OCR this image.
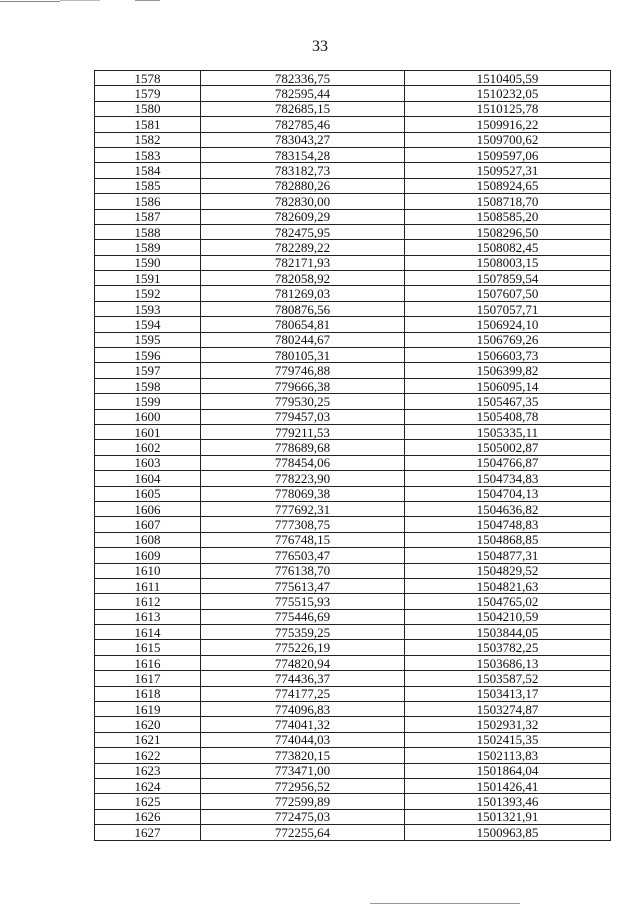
33
1578	782336,75	1510405,59
1579	782595,44	1510232,05
1580	782685,15	1510125,78
1581	782785,46	1509916,22
1582	783043,27	1509700,62
1583	783154,28	1509597,06
1584	783182,73	1509527,31
1585	782880,26	1508924,65
1586	782830,00	1508718,70
1587	782609,29	1508585,20
1588	782475,95	1508296,50
1589	782289,22	1508082,45
1590	782171,93	1508003,15
1591	782058,92	1507859,54
1592	781269,03	1507607,50
1593	780876,56	1507057,71
1594	780654,81	1506924,10
1595	780244,67	1506769,26
1596	780105,31	1506603,73
1597	779746,88	1506399,82
1598	779666,38	1506095,14
1599	779530,25	1505467,35
1600	779457,03	1505408,78
1601	779211,53	1505335,11
1602	778689,68	1505002,87
1603	778454,06	1504766,87
1604	778223,90	1504734,83
1605	778069,38	1504704,13
1606	777692,31	1504636,82
1607	777308,75	1504748,83
1608	776748,15	1504868,85
1609	776503,47	1504877,31
1610	776138,70	1504829,52
1611	775613,47	1504821,63
1612	775515,93	1504765,02
1613	775446,69	1504210,59
1614	775359,25	1503844,05
1615	775226,19	1503782,25
1616	774820,94	1503686,13
1617	774436,37	1503587,52
1618	774177,25	1503413,17
1619	774096,83	1503274,87
1620	774041,32	1502931,32
1621	774044,03	1502415,35
1622	773820,15	1502113,83
1623	773471,00	1501864,04
1624	772956,52	1501426,41
1625	772599,89	1501393,46
1626	772475,03	1501321,91
1627	772255,64	1500963,85
